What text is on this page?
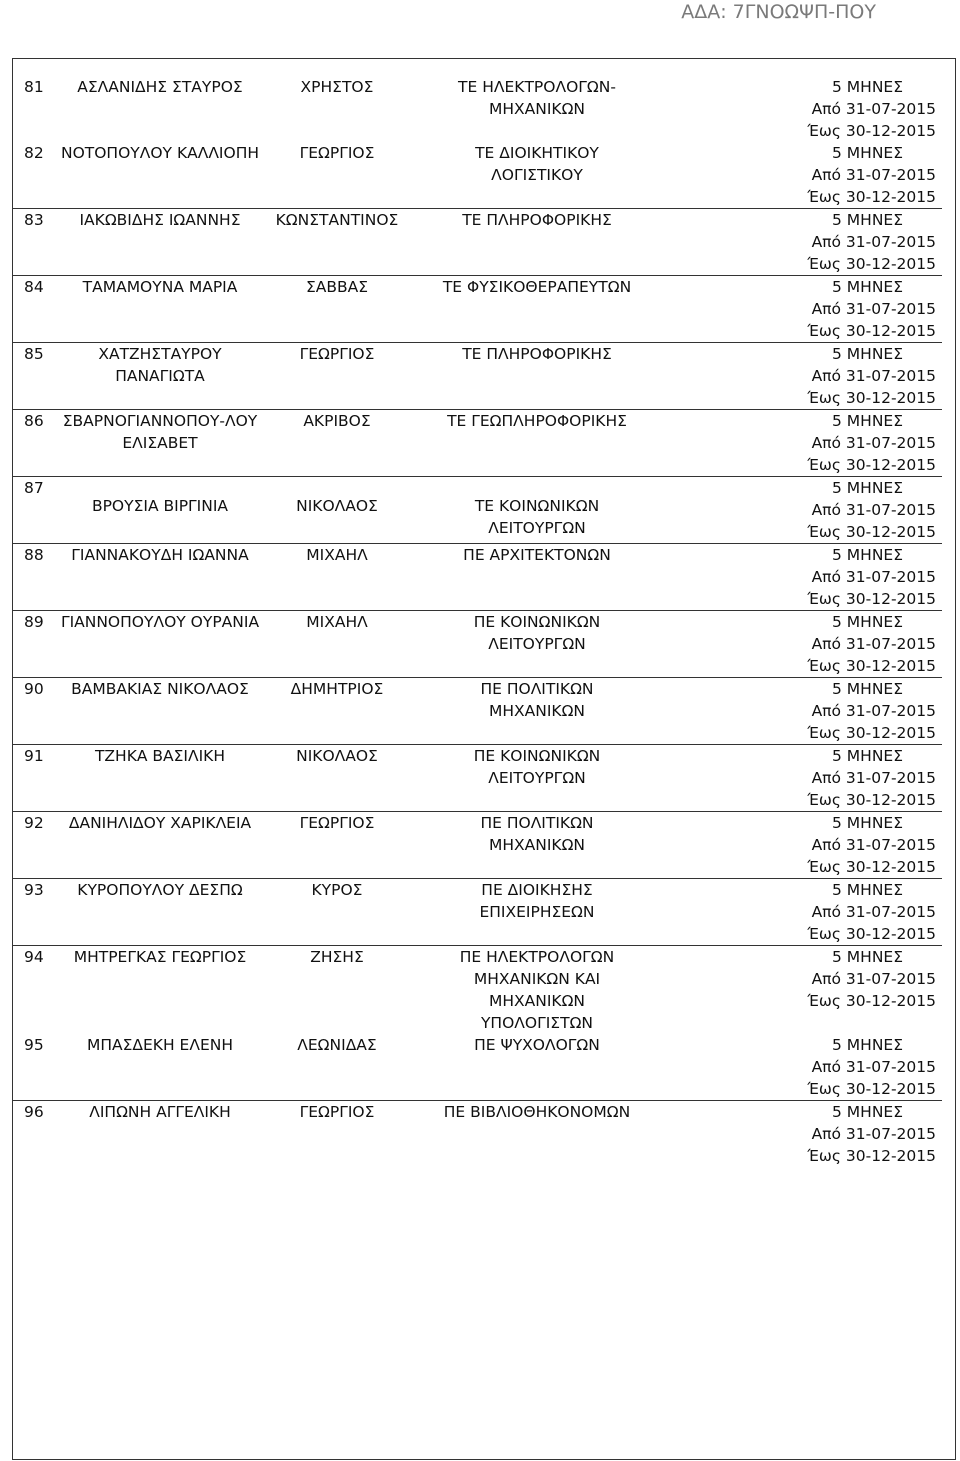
ΑΔΑ: 7ΓΝΟΩΨΠ-ΠΟΥ
81	ΑΣΛΑΝΙΔΗΣ ΣΤΑΥΡΟΣ	ΧΡΗΣΤΟΣ	ΤΕ ΗΛΕΚΤΡΟΛΟΓΩΝ-
ΜΗΧΑΝΙΚΩΝ	5 ΜΗΝΕΣ
Από 31-07-2015
Έως 30-12-2015

82	ΝΟΤΟΠΟΥΛΟΥ ΚΑΛΛΙΟΠΗ	ΓΕΩΡΓΙΟΣ	ΤΕ ΔΙΟΙΚΗΤΙΚΟΥ
ΛΟΓΙΣΤΙΚΟΥ	5 ΜΗΝΕΣ
Από 31-07-2015
Έως 30-12-2015

83	ΙΑΚΩΒΙΔΗΣ ΙΩΑΝΝΗΣ	ΚΩΝΣΤΑΝΤΙΝΟΣ	ΤΕ ΠΛΗΡΟΦΟΡΙΚΗΣ	5 ΜΗΝΕΣ
Από 31-07-2015
Έως 30-12-2015

84	ΤΑΜΑΜΟΥΝΑ ΜΑΡΙΑ	ΣΑΒΒΑΣ	ΤΕ ΦΥΣΙΚΟΘΕΡΑΠΕΥΤΩΝ	5 ΜΗΝΕΣ
Από 31-07-2015
Έως 30-12-2015

85	ΧΑΤΖΗΣΤΑΥΡΟΥ ΠΑΝΑΓΙΩΤΑ	ΓΕΩΡΓΙΟΣ	ΤΕ ΠΛΗΡΟΦΟΡΙΚΗΣ	5 ΜΗΝΕΣ
Από 31-07-2015
Έως 30-12-2015

86	ΣΒΑΡΝΟΓΙΑΝΝΟΠΟΥ-ΛΟΥ
ΕΛΙΣΑΒΕΤ	ΑΚΡΙΒΟΣ	ΤΕ ΓΕΩΠΛΗΡΟΦΟΡΙΚΗΣ	5 ΜΗΝΕΣ
Από 31-07-2015
Έως 30-12-2015

87	ΒΡΟΥΣΙΑ ΒΙΡΓΙΝΙΑ	ΝΙΚΟΛΑΟΣ	ΤΕ ΚΟΙΝΩΝΙΚΩΝ
ΛΕΙΤΟΥΡΓΩΝ	5 ΜΗΝΕΣ
Από 31-07-2015
Έως 30-12-2015

88	ΓΙΑΝΝΑΚΟΥΔΗ ΙΩΑΝΝΑ	ΜΙΧΑΗΛ	ΠΕ ΑΡΧΙΤΕΚΤΟΝΩΝ	5 ΜΗΝΕΣ
Από 31-07-2015
Έως 30-12-2015

89	ΓΙΑΝΝΟΠΟΥΛΟΥ ΟΥΡΑΝΙΑ	ΜΙΧΑΗΛ	ΠΕ ΚΟΙΝΩΝΙΚΩΝ
ΛΕΙΤΟΥΡΓΩΝ	5 ΜΗΝΕΣ
Από 31-07-2015
Έως 30-12-2015

90	ΒΑΜΒΑΚΙΑΣ ΝΙΚΟΛΑΟΣ	ΔΗΜΗΤΡΙΟΣ	ΠΕ ΠΟΛΙΤΙΚΩΝ
ΜΗΧΑΝΙΚΩΝ	5 ΜΗΝΕΣ
Από 31-07-2015
Έως 30-12-2015

91	ΤΖΗΚΑ ΒΑΣΙΛΙΚΗ	ΝΙΚΟΛΑΟΣ	ΠΕ ΚΟΙΝΩΝΙΚΩΝ
ΛΕΙΤΟΥΡΓΩΝ	5 ΜΗΝΕΣ
Από 31-07-2015
Έως 30-12-2015

92	ΔΑΝΙΗΛΙΔΟΥ ΧΑΡΙΚΛΕΙΑ	ΓΕΩΡΓΙΟΣ	ΠΕ ΠΟΛΙΤΙΚΩΝ
ΜΗΧΑΝΙΚΩΝ	5 ΜΗΝΕΣ
Από 31-07-2015
Έως 30-12-2015

93	ΚΥΡΟΠΟΥΛΟΥ ΔΕΣΠΩ	ΚΥΡΟΣ	ΠΕ ΔΙΟΙΚΗΣΗΣ
ΕΠΙΧΕΙΡΗΣΕΩΝ	5 ΜΗΝΕΣ
Από 31-07-2015
Έως 30-12-2015

94	ΜΗΤΡΕΓΚΑΣ ΓΕΩΡΓΙΟΣ	ΖΗΣΗΣ	ΠΕ ΗΛΕΚΤΡΟΛΟΓΩΝ
ΜΗΧΑΝΙΚΩΝ ΚΑΙ
ΜΗΧΑΝΙΚΩΝ
ΥΠΟΛΟΓΙΣΤΩΝ	5 ΜΗΝΕΣ
Από 31-07-2015
Έως 30-12-2015

95	ΜΠΑΣΔΕΚΗ ΕΛΕΝΗ	ΛΕΩΝΙΔΑΣ	ΠΕ ΨΥΧΟΛΟΓΩΝ	5 ΜΗΝΕΣ
Από 31-07-2015
Έως 30-12-2015

96	ΛΙΠΩΝΗ ΑΓΓΕΛΙΚΗ	ΓΕΩΡΓΙΟΣ	ΠΕ ΒΙΒΛΙΟΘΗΚΟΝΟΜΩΝ	5 ΜΗΝΕΣ
Από 31-07-2015
Έως 30-12-2015
